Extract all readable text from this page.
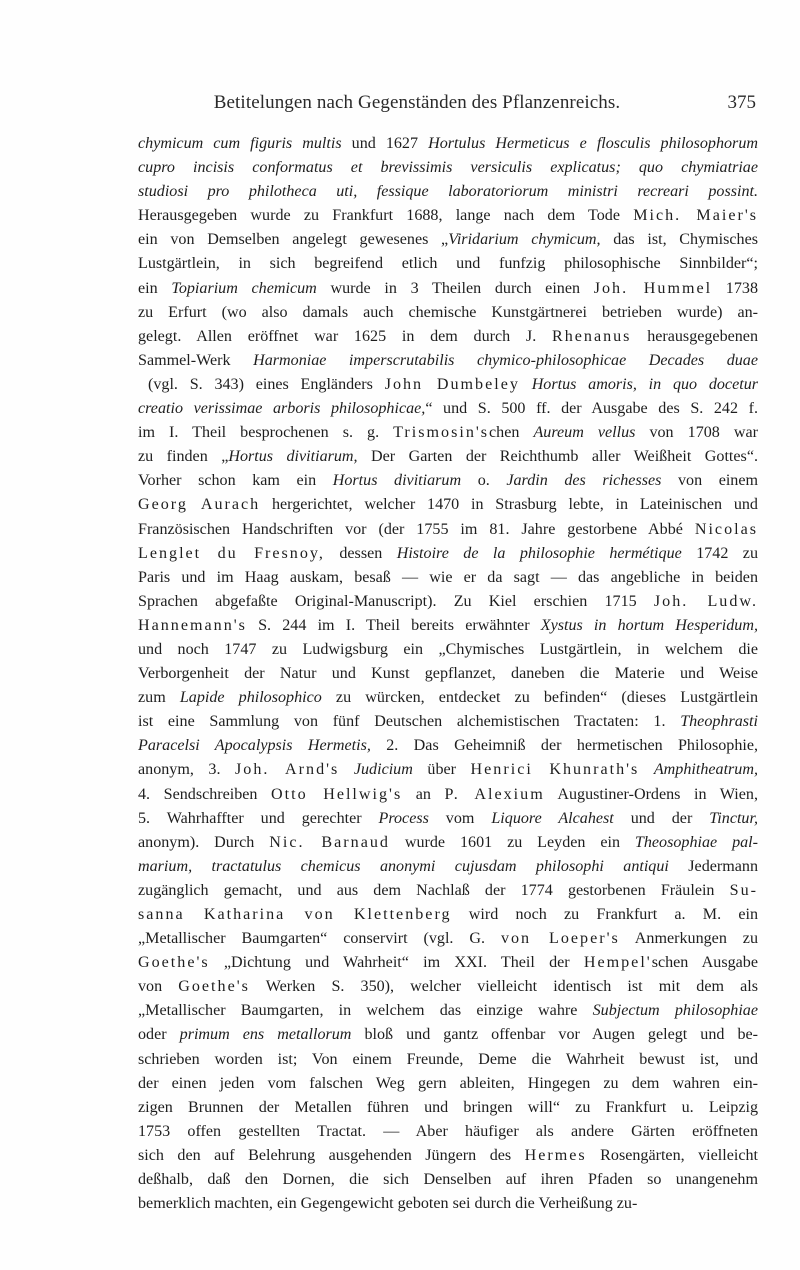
Betitelungen nach Gegenständen des Pflanzenreichs.	375
chymicum cum figuris multis und 1627 Hortulus Hermeticus e flosculis philosophorum
cupro incisis conformatus et brevissimis versiculis explicatus; quo chymiatriae
studiosi pro philotheca uti, fessique laboratoriorum ministri recreari possint.
Herausgegeben wurde zu Frankfurt 1688, lange nach dem Tode Mich. Maier's
ein von Demselben angelegt gewesenes „Viridarium chymicum, das ist, Chymisches
Lustgärtlein, in sich begreifend etlich und funfzig philosophische Sinnbilder“;
ein Topiarium chemicum wurde in 3 Theilen durch einen Joh. Hummel 1738
zu Erfurt (wo also damals auch chemische Kunstgärtnerei betrieben wurde) an-
gelegt. Allen eröffnet war 1625 in dem durch J. Rhenanus herausgegebenen
Sammel-Werk Harmoniae imperscrutabilis chymico-philosophicae Decades duae
(vgl. S. 343) eines Engländers John Dumbeley Hortus amoris, in quo docetur
creatio verissimae arboris philosophicae,“ und S. 500 ff. der Ausgabe des S. 242 f.
im I. Theil besprochenen s. g. Trismosin'schen Aureum vellus von 1708 war
zu finden „Hortus divitiarum, Der Garten der Reichthumb aller Weißheit Gottes“.
Vorher schon kam ein Hortus divitiarum o. Jardin des richesses von einem
Georg Aurach hergerichtet, welcher 1470 in Strasburg lebte, in Lateinischen und
Französischen Handschriften vor (der 1755 im 81. Jahre gestorbene Abbé Nicolas
Lenglet du Fresnoy, dessen Histoire de la philosophie hermétique 1742 zu
Paris und im Haag auskam, besaß — wie er da sagt — das angebliche in beiden
Sprachen abgefaßte Original-Manuscript). Zu Kiel erschien 1715 Joh. Ludw.
Hannemann's S. 244 im I. Theil bereits erwähnter Xystus in hortum Hesperidum,
und noch 1747 zu Ludwigsburg ein „Chymisches Lustgärtlein, in welchem die
Verborgenheit der Natur und Kunst gepflanzet, daneben die Materie und Weise
zum Lapide philosophico zu würcken, entdecket zu befinden“ (dieses Lustgärtlein
ist eine Sammlung von fünf Deutschen alchemistischen Tractaten: 1. Theophrasti
Paracelsi Apocalypsis Hermetis, 2. Das Geheimniß der hermetischen Philosophie,
anonym, 3. Joh. Arnd's Judicium über Henrici Khunrath's Amphitheatrum,
4. Sendschreiben Otto Hellwig's an P. Alexium Augustiner-Ordens in Wien,
5. Wahrhaffter und gerechter Process vom Liquore Alcahest und der Tinctur,
anonym). Durch Nic. Barnaud wurde 1601 zu Leyden ein Theosophiae pal-
marium, tractatulus chemicus anonymi cujusdam philosophi antiqui Jedermann
zugänglich gemacht, und aus dem Nachlaß der 1774 gestorbenen Fräulein Su-
sanna Katharina von Klettenberg wird noch zu Frankfurt a. M. ein
„Metallischer Baumgarten“ conservirt (vgl. G. von Loeper's Anmerkungen zu
Goethe's „Dichtung und Wahrheit“ im XXI. Theil der Hempel'schen Ausgabe
von Goethe's Werken S. 350), welcher vielleicht identisch ist mit dem als
„Metallischer Baumgarten, in welchem das einzige wahre Subjectum philosophiae
oder primum ens metallorum bloß und gantz offenbar vor Augen gelegt und be-
schrieben worden ist; Von einem Freunde, Deme die Wahrheit bewust ist, und
der einen jeden vom falschen Weg gern ableiten, Hingegen zu dem wahren ein-
zigen Brunnen der Metallen führen und bringen will“ zu Frankfurt u. Leipzig
1753 offen gestellten Tractat. — Aber häufiger als andere Gärten eröffneten
sich den auf Belehrung ausgehenden Jüngern des Hermes Rosengärten, vielleicht
deßhalb, daß den Dornen, die sich Denselben auf ihren Pfaden so unangenehm
bemerklich machten, ein Gegengewicht geboten sei durch die Verheißung zu-
